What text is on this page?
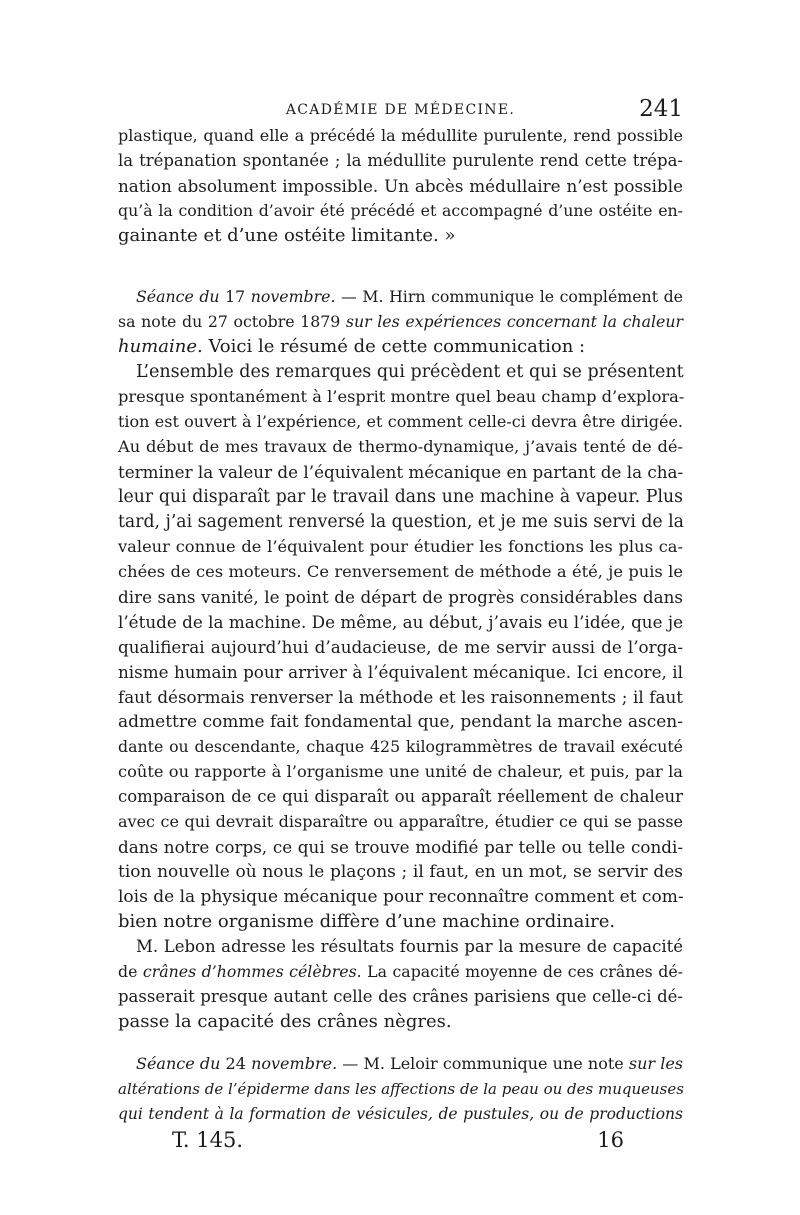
ACADÉMIE DE MÉDECINE.	241
plastique, quand elle a précédé la médullite purulente, rend possible
la trépanation spontanée ; la médullite purulente rend cette trépa-
nation absolument impossible. Un abcès médullaire n’est possible
qu’à la condition d’avoir été précédé et accompagné d’une ostéite en-
gainante et d’une ostéite limitante. »
Séance du 17 novembre. — M. Hirn communique le complément de
sa note du 27 octobre 1879 sur les expériences concernant la chaleur
humaine. Voici le résumé de cette communication :
L’ensemble des remarques qui précèdent et qui se présentent
presque spontanément à l’esprit montre quel beau champ d’explora-
tion est ouvert à l’expérience, et comment celle-ci devra être dirigée.
Au début de mes travaux de thermo-dynamique, j’avais tenté de dé-
terminer la valeur de l’équivalent mécanique en partant de la cha-
leur qui disparaît par le travail dans une machine à vapeur. Plus
tard, j’ai sagement renversé la question, et je me suis servi de la
valeur connue de l’équivalent pour étudier les fonctions les plus ca-
chées de ces moteurs. Ce renversement de méthode a été, je puis le
dire sans vanité, le point de départ de progrès considérables dans
l’étude de la machine. De même, au début, j’avais eu l’idée, que je
qualifierai aujourd’hui d’audacieuse, de me servir aussi de l’orga-
nisme humain pour arriver à l’équivalent mécanique. Ici encore, il
faut désormais renverser la méthode et les raisonnements ; il faut
admettre comme fait fondamental que, pendant la marche ascen-
dante ou descendante, chaque 425 kilogrammètres de travail exécuté
coûte ou rapporte à l’organisme une unité de chaleur, et puis, par la
comparaison de ce qui disparaît ou apparaît réellement de chaleur
avec ce qui devrait disparaître ou apparaître, étudier ce qui se passe
dans notre corps, ce qui se trouve modifié par telle ou telle condi-
tion nouvelle où nous le plaçons ; il faut, en un mot, se servir des
lois de la physique mécanique pour reconnaître comment et com-
bien notre organisme diffère d’une machine ordinaire.
M. Lebon adresse les résultats fournis par la mesure de capacité
de crânes d’hommes célèbres. La capacité moyenne de ces crânes dé-
passerait presque autant celle des crânes parisiens que celle-ci dé-
passe la capacité des crânes nègres.
Séance du 24 novembre. — M. Leloir communique une note sur les
altérations de l’épiderme dans les affections de la peau ou des muqueuses
qui tendent à la formation de vésicules, de pustules, ou de productions
T. 145.	16
